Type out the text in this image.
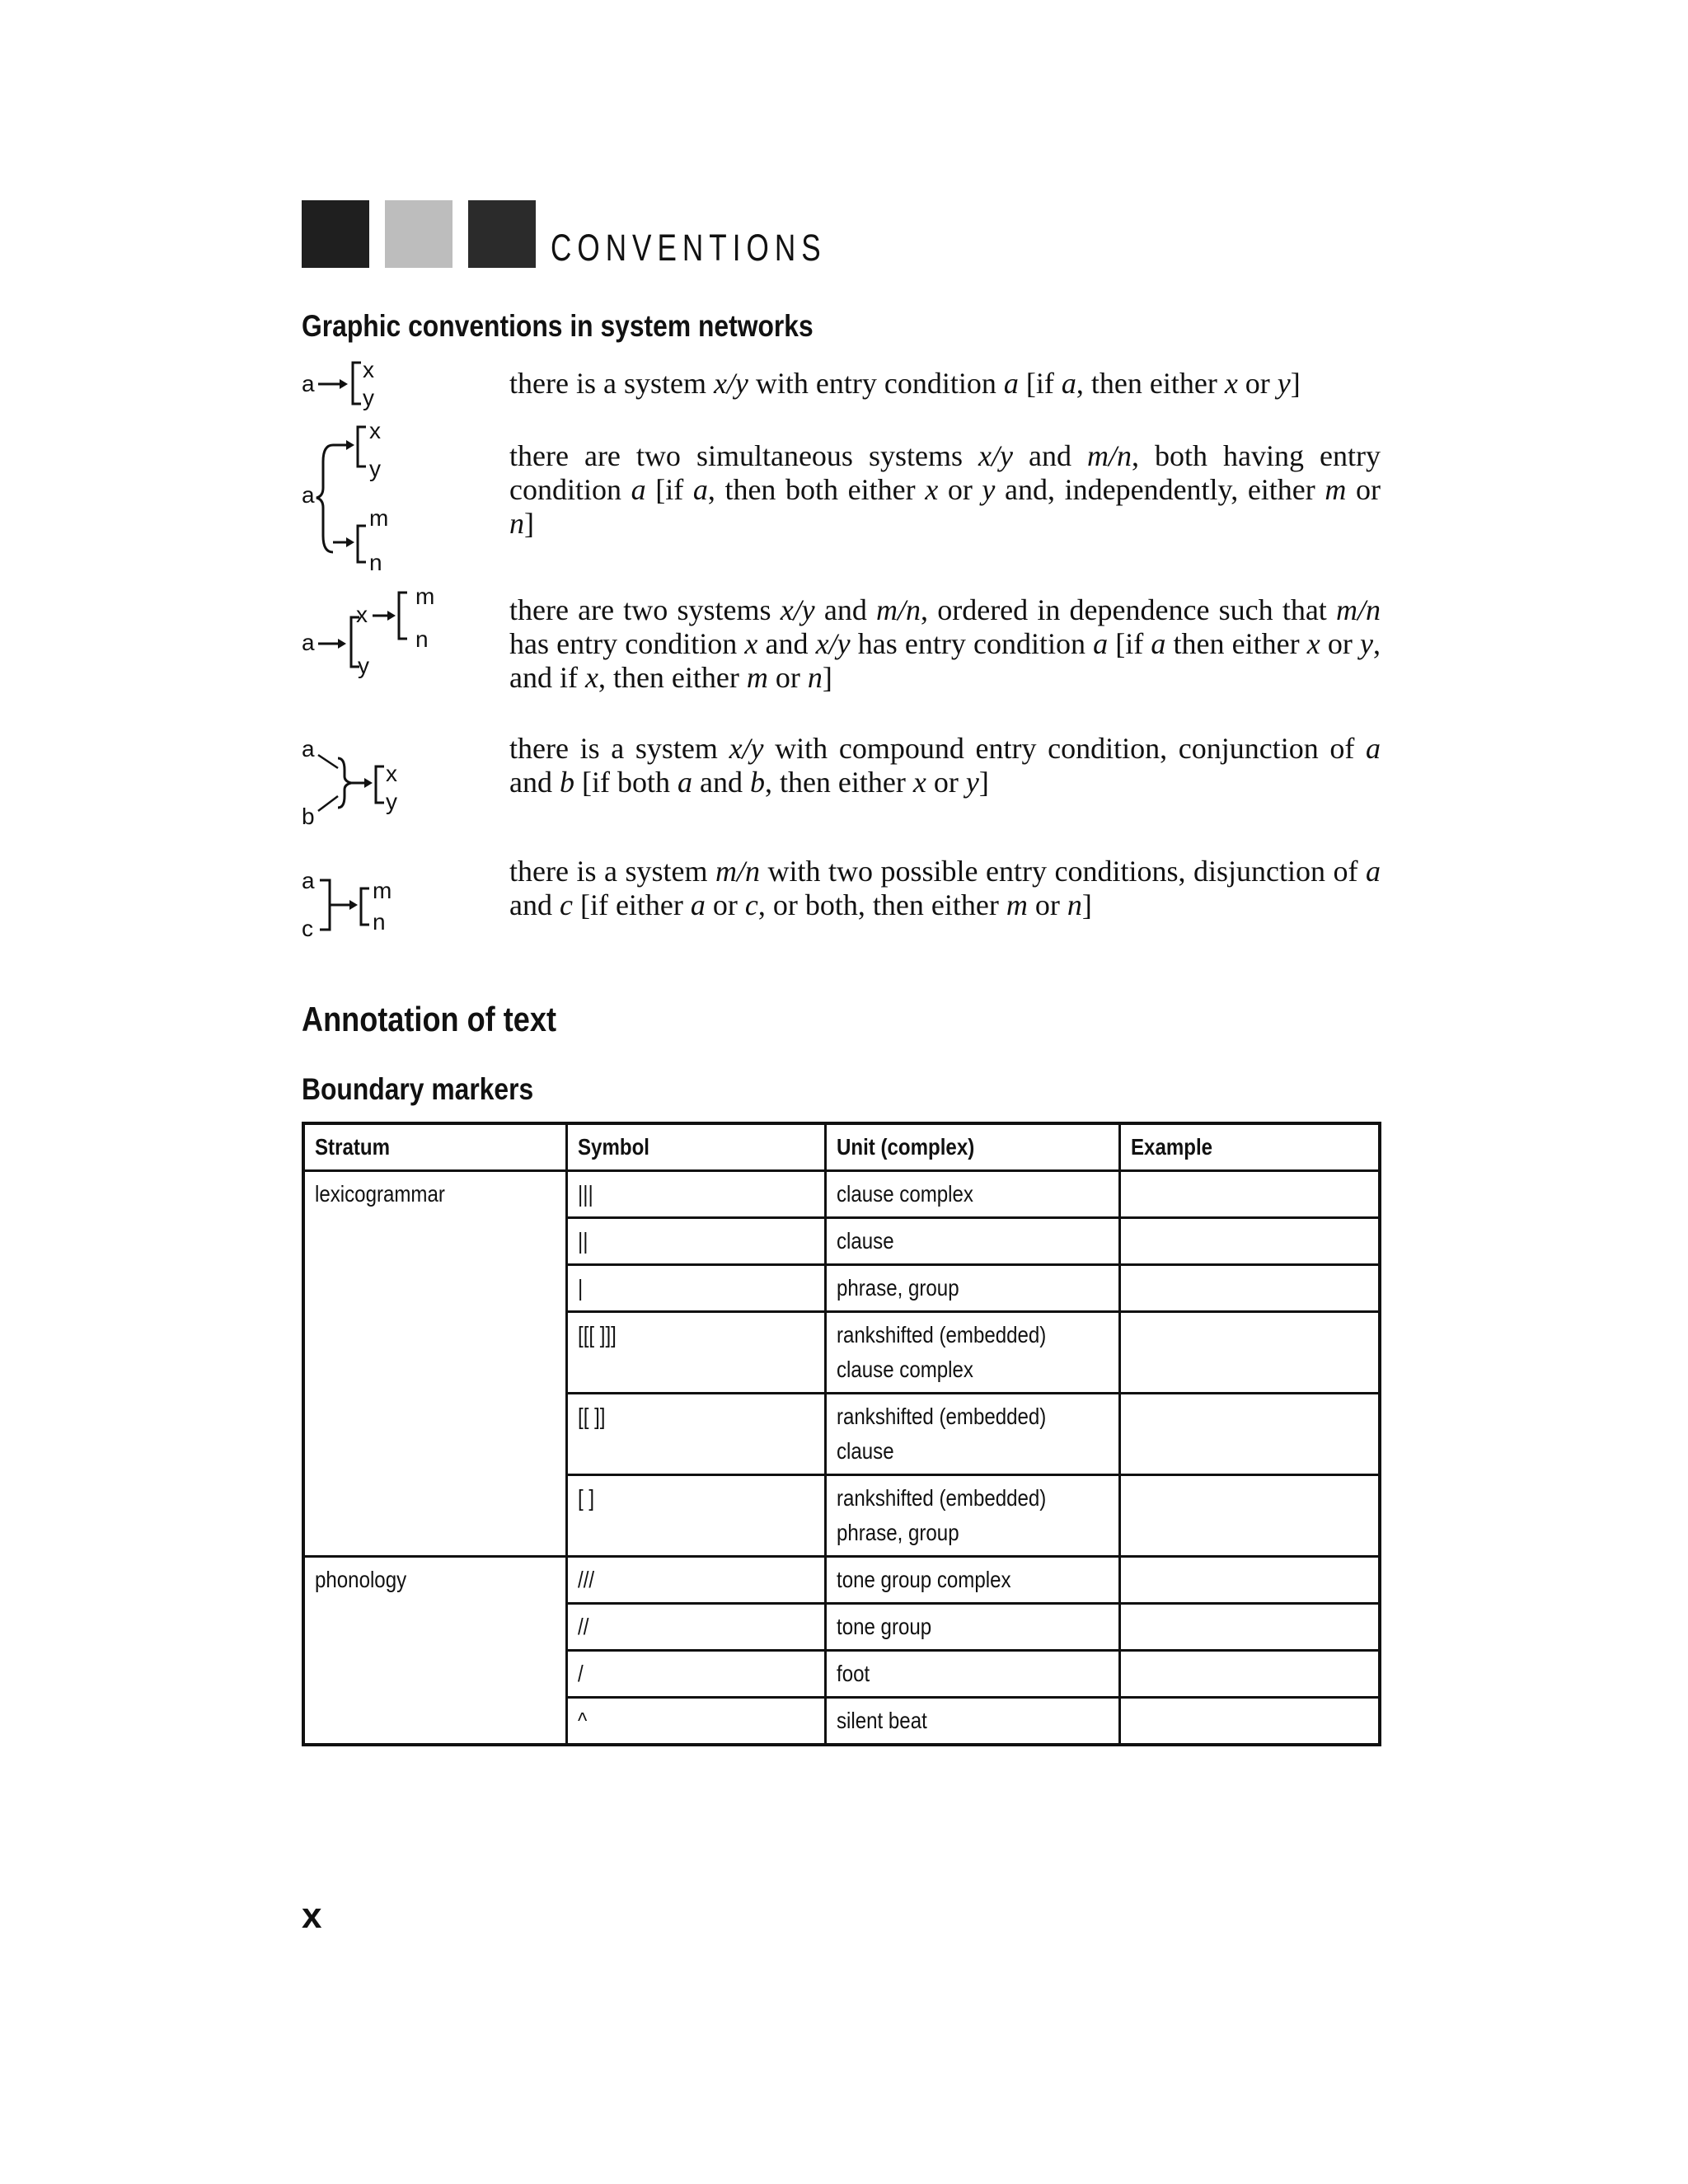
CONVENTIONS
Graphic conventions in system networks
a
x
y	there is a system x/y with entry condition a [if a, then either x or y]
a
x
y
m
n
there are two simultaneous systems x/y and m/n, both having entry condition a [if a, then both either x or y and, independently, either m or n]
a
x
y
m
n
there are two systems x/y and m/n, ordered in dependence such that m/n has entry condition x and x/y has entry condition a [if a then either x or y, and if x, then either m or n]
a
b
x
y
there is a system x/y with compound entry condition, conjunction of a and b [if both a and b, then either x or y]
a
c
m
n
there is a system m/n with two possible entry conditions, disjunction of a and c [if either a or c, or both, then either m or n]
Annotation of text
Boundary markers
Stratum	Symbol	Unit (complex)	Example
lexicogrammar	|||	clause complex	
	||	clause	
	|	phrase, group	
	[[[ ]]]	rankshifted (embedded) clause complex	
	[[ ]]	rankshifted (embedded) clause	
	[ ]	rankshifted (embedded) phrase, group	
phonology	///	tone group complex	
	//	tone group	
	/	foot	
	^	silent beat	
x
